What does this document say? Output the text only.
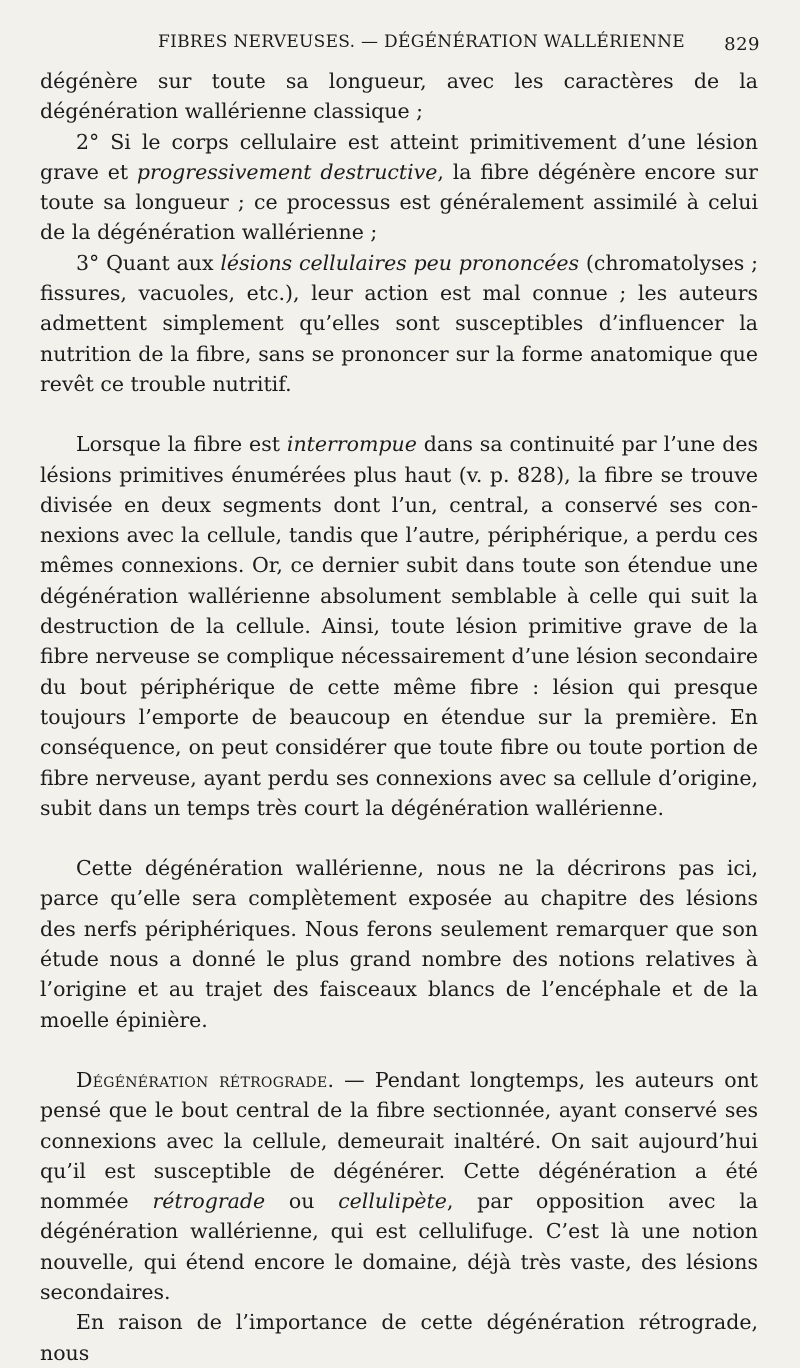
FIBRES NERVEUSES. — DÉGÉNÉRATION WALLÉRIENNE 829

dégénère sur toute sa longueur, avec les caractères de la dégénération wallérienne classique ;

2° Si le corps cellulaire est atteint primitivement d’une lésion grave et progressivement destructive, la fibre dégénère encore sur toute sa longueur ; ce processus est généralement assimilé à celui de la dégénération wallérienne ;

3° Quant aux lésions cellulaires peu prononcées (chromatolyses ; fissures, vacuoles, etc.), leur action est mal connue ; les auteurs admettent simplement qu’elles sont susceptibles d’influencer la nutrition de la fibre, sans se prononcer sur la forme anatomique que revêt ce trouble nutritif.

Lorsque la fibre est interrompue dans sa continuité par l’une des lésions primitives énumérées plus haut (v. p. 828), la fibre se trouve divisée en deux segments dont l’un, central, a conservé ses connexions avec la cellule, tandis que l’autre, périphérique, a perdu ces mêmes connexions. Or, ce dernier subit dans toute son étendue une dégénération wallérienne absolument semblable à celle qui suit la destruction de la cellule. Ainsi, toute lésion primitive grave de la fibre nerveuse se complique nécessairement d’une lésion secondaire du bout périphérique de cette même fibre : lésion qui presque toujours l’emporte de beaucoup en étendue sur la première. En conséquence, on peut considérer que toute fibre ou toute portion de fibre nerveuse, ayant perdu ses connexions avec sa cellule d’origine, subit dans un temps très court la dégénération wallérienne.

Cette dégénération wallérienne, nous ne la décrirons pas ici, parce qu’elle sera complètement exposée au chapitre des lésions des nerfs périphériques. Nous ferons seulement remarquer que son étude nous a donné le plus grand nombre des notions relatives à l’origine et au trajet des faisceaux blancs de l’encéphale et de la moelle épinière.

Dégénération rétrograde. — Pendant longtemps, les auteurs ont pensé que le bout central de la fibre sectionnée, ayant conservé ses connexions avec la cellule, demeurait inaltéré. On sait aujourd’hui qu’il est susceptible de dégénérer. Cette dégénération a été nommée rétrograde ou cellulipète, par opposition avec la dégénération wallérienne, qui est cellulifuge. C’est là une notion nouvelle, qui étend encore le domaine, déjà très vaste, des lésions secondaires.

En raison de l’importance de cette dégénération rétrograde, nous
